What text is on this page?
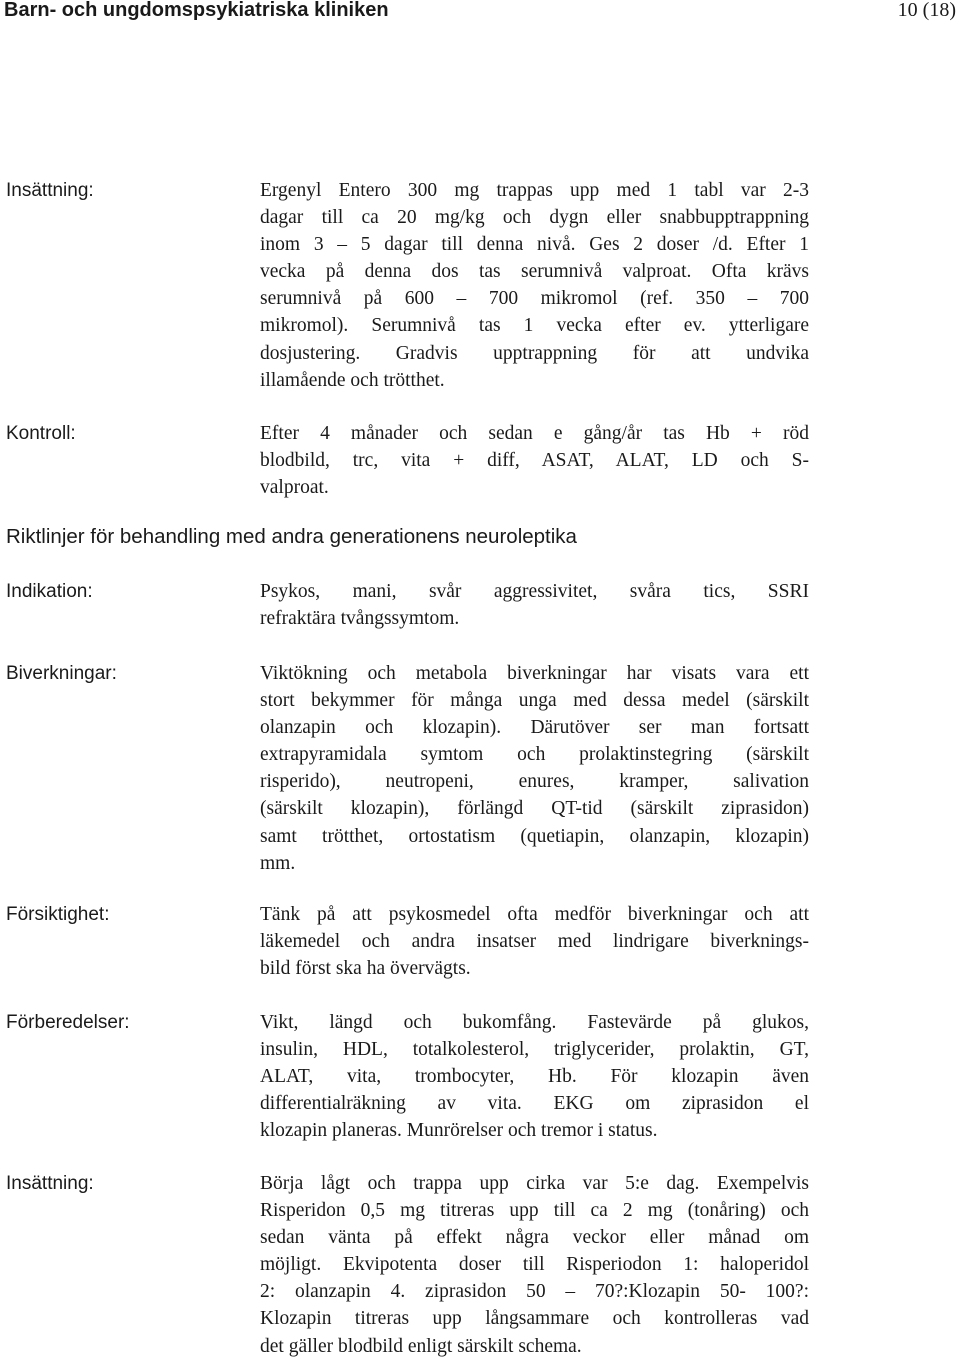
Barn- och ungdomspsykiatriska kliniken	10 (18)
Insättning:	Ergenyl Entero 300 mg trappas upp med 1 tabl var 2-3
dagar till ca 20 mg/kg och dygn eller snabbupptrappning
inom 3 – 5 dagar till denna nivå. Ges 2 doser /d. Efter 1
vecka på denna dos tas serumnivå valproat. Ofta krävs
serumnivå på 600 – 700 mikromol (ref. 350 – 700
mikromol). Serumnivå tas 1 vecka efter ev. ytterligare
dosjustering. Gradvis upptrappning för att undvika
illamående och trötthet.
Kontroll:	Efter 4 månader och sedan e gång/år tas Hb + röd
blodbild, trc, vita + diff, ASAT, ALAT, LD och S-
valproat.
Riktlinjer för behandling med andra generationens neuroleptika
Indikation:	Psykos, mani, svår aggressivitet, svåra tics, SSRI
refraktära tvångssymtom.
Biverkningar:	Viktökning och metabola biverkningar har visats vara ett
stort bekymmer för många unga med dessa medel (särskilt
olanzapin och klozapin). Därutöver ser man fortsatt
extrapyramidala symtom och prolaktinstegring (särskilt
risperido), neutropeni, enures, kramper, salivation
(särskilt klozapin), förlängd QT-tid (särskilt ziprasidon)
samt trötthet, ortostatism (quetiapin, olanzapin, klozapin)
mm.
Försiktighet:	Tänk på att psykosmedel ofta medför biverkningar och att
läkemedel och andra insatser med lindrigare biverknings-
bild först ska ha övervägts.
Förberedelser:	Vikt, längd och bukomfång. Fastevärde på glukos,
insulin, HDL, totalkolesterol, triglycerider, prolaktin, GT,
ALAT, vita, trombocyter, Hb. För klozapin även
differentialräkning av vita. EKG om ziprasidon el
klozapin planeras. Munrörelser och tremor i status.
Insättning:	Börja lågt och trappa upp cirka var 5:e dag. Exempelvis
Risperidon 0,5 mg titreras upp till ca 2 mg (tonåring) och
sedan vänta på effekt några veckor eller månad om
möjligt. Ekvipotenta doser till Risperiodon 1: haloperidol
2: olanzapin 4. ziprasidon 50 – 70?:Klozapin 50- 100?:
Klozapin titreras upp långsammare och kontrolleras vad
det gäller blodbild enligt särskilt schema.
